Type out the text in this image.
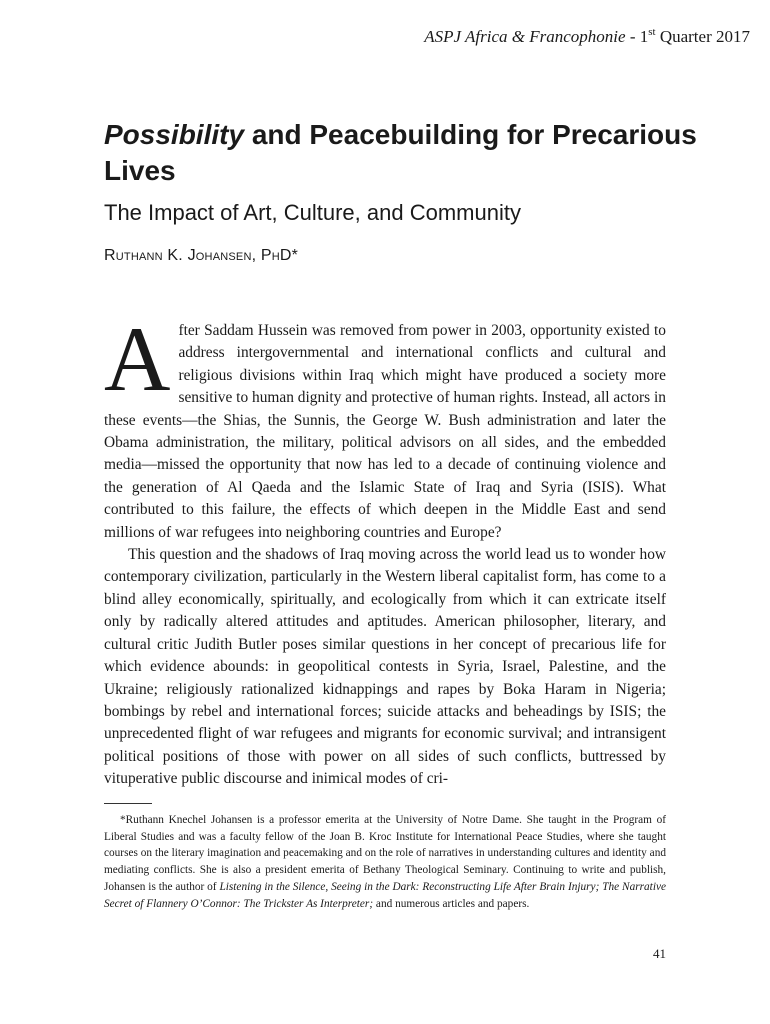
ASPJ Africa & Francophonie - 1st Quarter 2017
Possibility and Peacebuilding for Precarious Lives
The Impact of Art, Culture, and Community
Ruthann K. Johansen, PhD*

After Saddam Hussein was removed from power in 2003, opportunity existed to address intergovernmental and international conflicts and cultural and religious divisions within Iraq which might have produced a society more sensitive to human dignity and protective of human rights. Instead, all actors in these events—the Shias, the Sunnis, the George W. Bush administration and later the Obama administration, the military, political advisors on all sides, and the embedded media—missed the opportunity that now has led to a decade of continuing violence and the generation of Al Qaeda and the Islamic State of Iraq and Syria (ISIS). What contributed to this failure, the effects of which deepen in the Middle East and send millions of war refugees into neighboring countries and Europe?

This question and the shadows of Iraq moving across the world lead us to wonder how contemporary civilization, particularly in the Western liberal capitalist form, has come to a blind alley economically, spiritually, and ecologically from which it can extricate itself only by radically altered attitudes and aptitudes. American philosopher, literary, and cultural critic Judith Butler poses similar questions in her concept of precarious life for which evidence abounds: in geopolitical contests in Syria, Israel, Palestine, and the Ukraine; religiously rationalized kidnappings and rapes by Boka Haram in Nigeria; bombings by rebel and international forces; suicide attacks and beheadings by ISIS; the unprecedented flight of war refugees and migrants for economic survival; and intransigent political positions of those with power on all sides of such conflicts, buttressed by vituperative public discourse and inimical modes of cri-

*Ruthann Knechel Johansen is a professor emerita at the University of Notre Dame. She taught in the Program of Liberal Studies and was a faculty fellow of the Joan B. Kroc Institute for International Peace Studies, where she taught courses on the literary imagination and peacemaking and on the role of narratives in understanding cultures and identity and mediating conflicts. She is also a president emerita of Bethany Theological Seminary. Continuing to write and publish, Johansen is the author of Listening in the Silence, Seeing in the Dark: Reconstructing Life After Brain Injury; The Narrative Secret of Flannery O’Connor: The Trickster As Interpreter; and numerous articles and papers.

41
